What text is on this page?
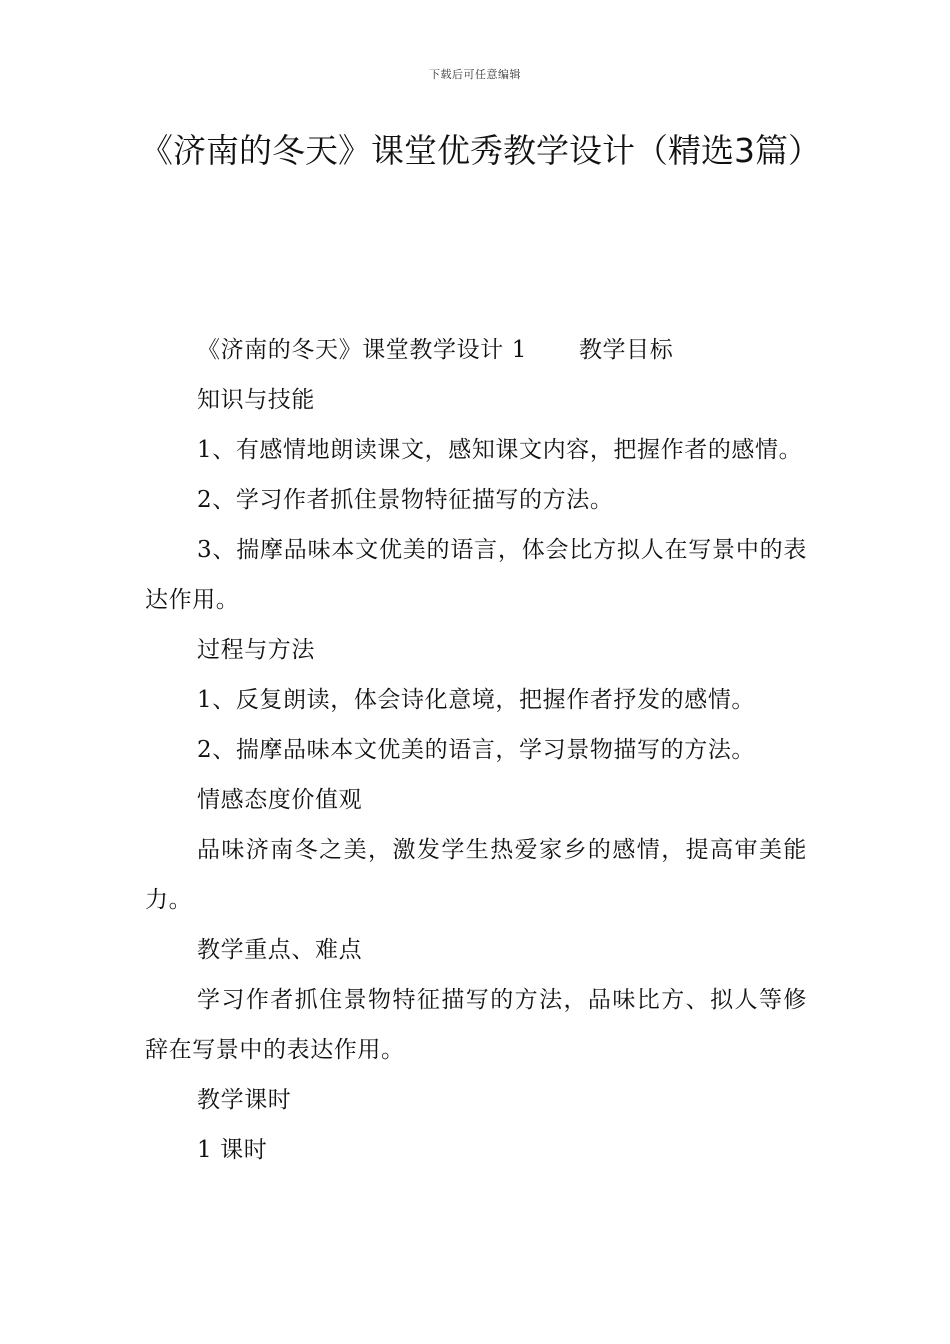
下载后可任意编辑
《济南的冬天》课堂优秀教学设计（精选3篇）

《济南的冬天》课堂教学设计 1 教学目标

知识与技能

1、有感情地朗读课文，感知课文内容，把握作者的感情。

2、学习作者抓住景物特征描写的方法。

3、揣摩品味本文优美的语言，体会比方拟人在写景中的表达作用。

过程与方法

1、反复朗读，体会诗化意境，把握作者抒发的感情。

2、揣摩品味本文优美的语言，学习景物描写的方法。

情感态度价值观

品味济南冬之美，激发学生热爱家乡的感情，提高审美能力。

教学重点、难点

学习作者抓住景物特征描写的方法，品味比方、拟人等修辞在写景中的表达作用。

教学课时

1 课时
